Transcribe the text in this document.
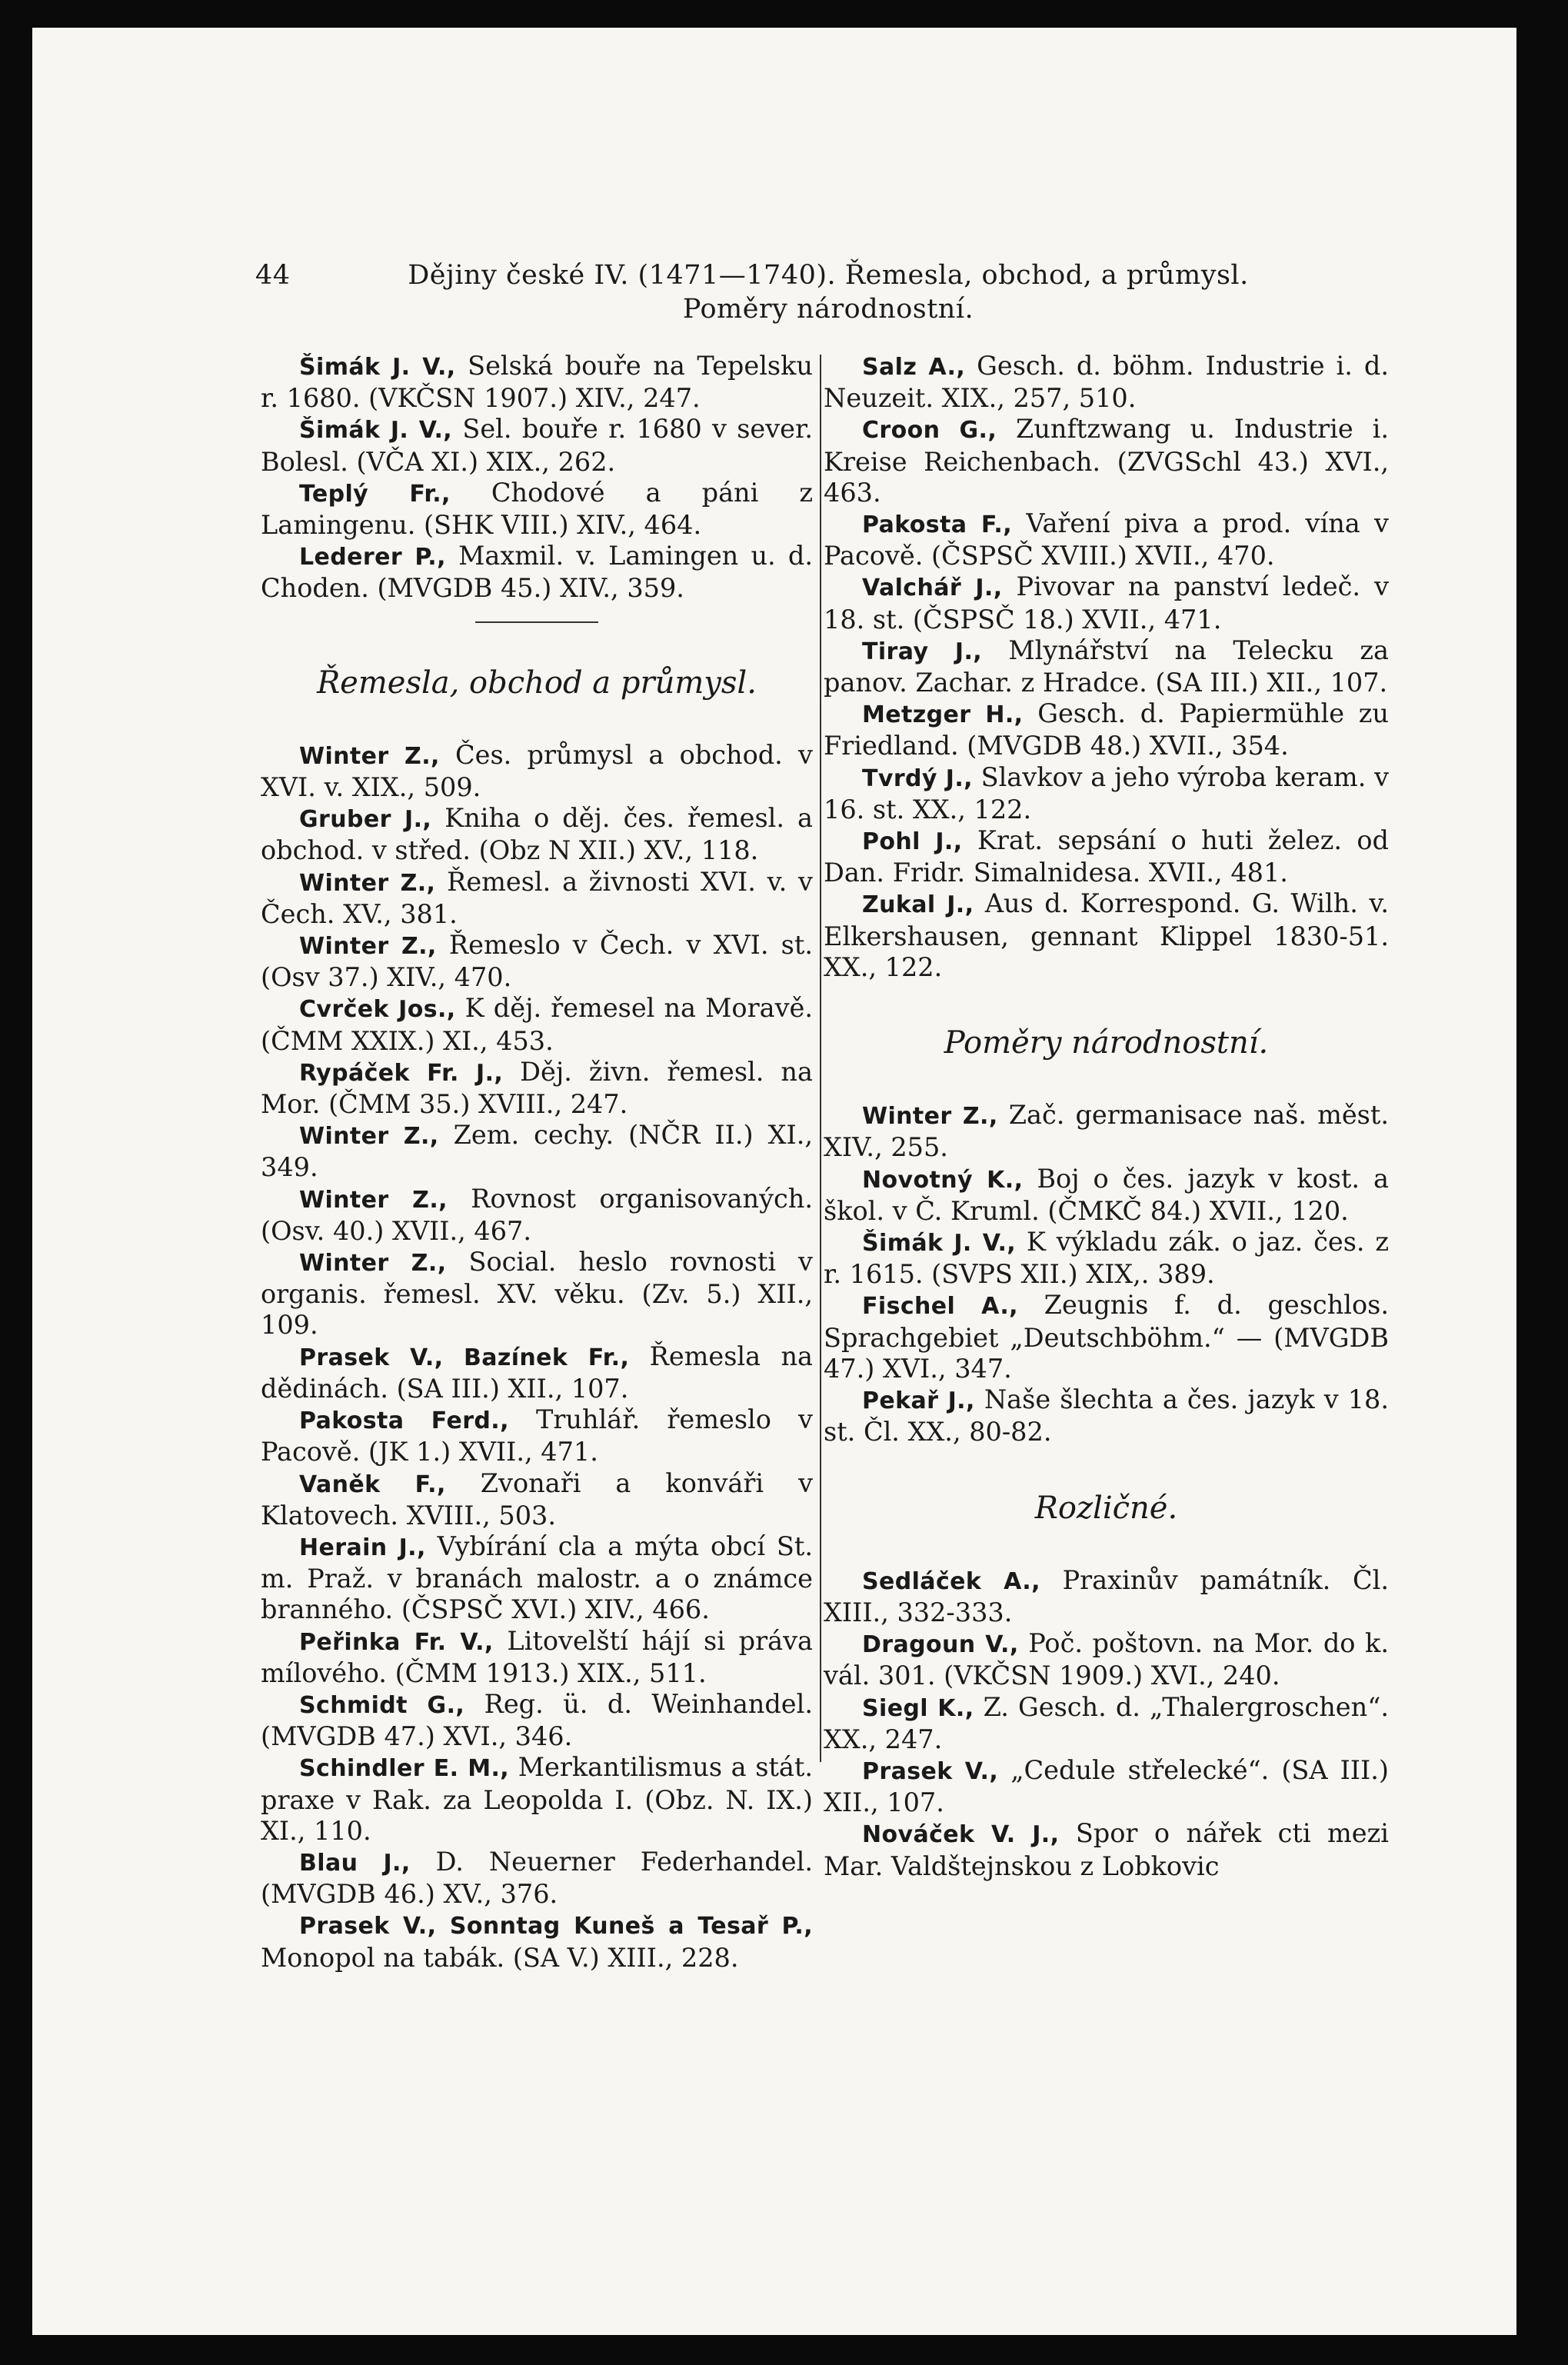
44	Dějiny české IV. (1471—1740). Řemesla, obchod, a průmysl.
Poměry národnostní.

Šimák J. V., Selská bouře na Tepelsku r. 1680. (VKČSN 1907.) XIV., 247.

Šimák J. V., Sel. bouře r. 1680 v sever. Bolesl. (VČA XI.) XIX., 262.

Teplý Fr., Chodové a páni z Lamingenu. (SHK VIII.) XIV., 464.

Lederer P., Maxmil. v. Lamingen u. d. Choden. (MVGDB 45.) XIV., 359.

Řemesla, obchod a průmysl.

Winter Z., Čes. průmysl a obchod. v XVI. v. XIX., 509.

Gruber J., Kniha o děj. čes. řemesl. a obchod. v střed. (Obz N XII.) XV., 118.

Winter Z., Řemesl. a živnosti XVI. v. v Čech. XV., 381.

Winter Z., Řemeslo v Čech. v XVI. st. (Osv 37.) XIV., 470.

Cvrček Jos., K děj. řemesel na Moravě. (ČMM XXIX.) XI., 453.

Rypáček Fr. J., Děj. živn. řemesl. na Mor. (ČMM 35.) XVIII., 247.

Winter Z., Zem. cechy. (NČR II.) XI., 349.

Winter Z., Rovnost organisovaných. (Osv. 40.) XVII., 467.

Winter Z., Social. heslo rovnosti v organis. řemesl. XV. věku. (Zv. 5.) XII., 109.

Prasek V., Bazínek Fr., Řemesla na dědinách. (SA III.) XII., 107.

Pakosta Ferd., Truhlář. řemeslo v Pacově. (JK 1.) XVII., 471.

Vaněk F., Zvonaři a konváři v Klatovech. XVIII., 503.

Herain J., Vybírání cla a mýta obcí St. m. Praž. v branách malostr. a o známce branného. (ČSPSČ XVI.) XIV., 466.

Peřinka Fr. V., Litovelští hájí si práva mílového. (ČMM 1913.) XIX., 511.

Schmidt G., Reg. ü. d. Weinhandel. (MVGDB 47.) XVI., 346.

Schindler E. M., Merkantilismus a stát. praxe v Rak. za Leopolda I. (Obz. N. IX.) XI., 110.

Blau J., D. Neuerner Federhandel. (MVGDB 46.) XV., 376.

Prasek V., Sonntag Kuneš a Tesař P., Monopol na tabák. (SA V.) XIII., 228.

Salz A., Gesch. d. böhm. Industrie i. d. Neuzeit. XIX., 257, 510.

Croon G., Zunftzwang u. Industrie i. Kreise Reichenbach. (ZVGSchl 43.) XVI., 463.

Pakosta F., Vaření piva a prod. vína v Pacově. (ČSPSČ XVIII.) XVII., 470.

Valchář J., Pivovar na panství ledeč. v 18. st. (ČSPSČ 18.) XVII., 471.

Tiray J., Mlynářství na Telecku za panov. Zachar. z Hradce. (SA III.) XII., 107.

Metzger H., Gesch. d. Papiermühle zu Friedland. (MVGDB 48.) XVII., 354.

Tvrdý J., Slavkov a jeho výroba keram. v 16. st. XX., 122.

Pohl J., Krat. sepsání o huti želez. od Dan. Fridr. Simalnidesa. XVII., 481.

Zukal J., Aus d. Korrespond. G. Wilh. v. Elkershausen, gennant Klippel 1830-51. XX., 122.

Poměry národnostní.

Winter Z., Zač. germanisace naš. měst. XIV., 255.

Novotný K., Boj o čes. jazyk v kost. a škol. v Č. Kruml. (ČMKČ 84.) XVII., 120.

Šimák J. V., K výkladu zák. o jaz. čes. z r. 1615. (SVPS XII.) XIX,. 389.

Fischel A., Zeugnis f. d. geschlos. Sprachgebiet „Deutschböhm.“ — (MVGDB 47.) XVI., 347.

Pekař J., Naše šlechta a čes. jazyk v 18. st. Čl. XX., 80-82.

Rozličné.

Sedláček A., Praxinův památník. Čl. XIII., 332-333.

Dragoun V., Poč. poštovn. na Mor. do k. vál. 301. (VKČSN 1909.) XVI., 240.

Siegl K., Z. Gesch. d. „Thalergroschen“. XX., 247.

Prasek V., „Cedule střelecké“. (SA III.) XII., 107.

Nováček V. J., Spor o nářek cti mezi Mar. Valdštejnskou z Lobkovic
